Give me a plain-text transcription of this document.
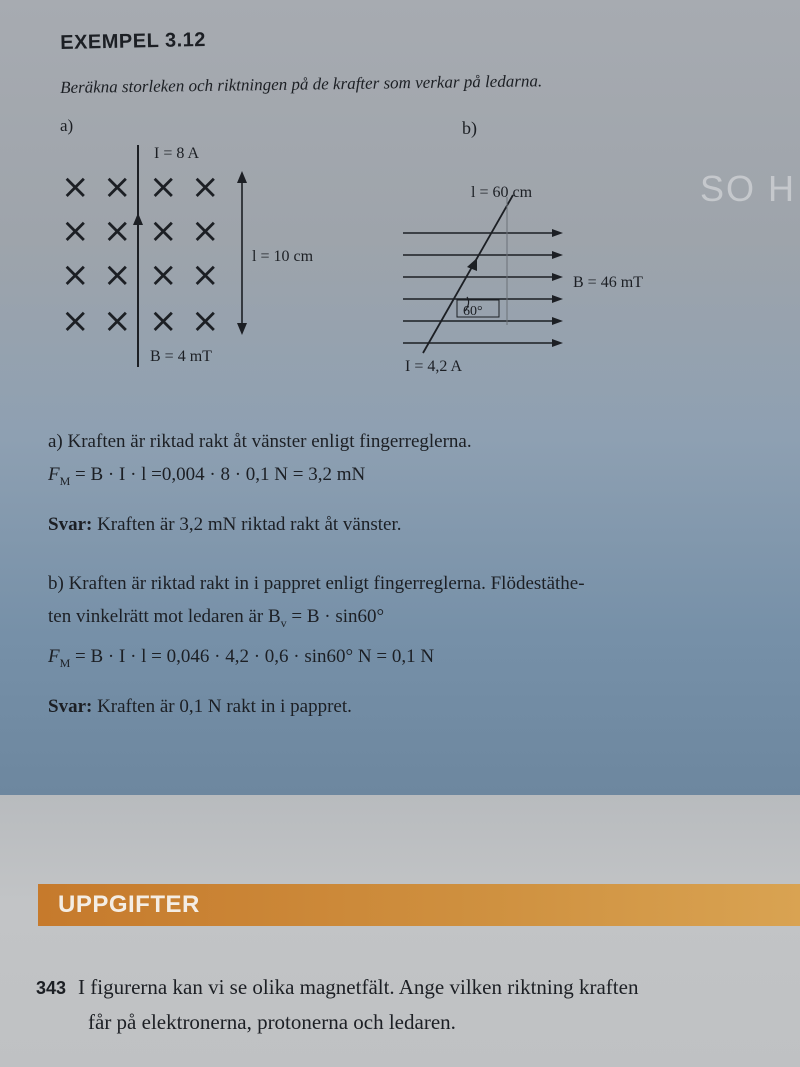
EXEMPEL 3.12
Beräkna storleken och riktningen på de krafter som verkar på ledarna.
a)	b)
SO H
× × × ×
× × × ×
× × × ×
× × × ×
I = 8 A
l = 10 cm
B = 4 mT
60°
l = 60 cm
B = 46 mT
I = 4,2 A
a) Kraften är riktad rakt åt vänster enligt fingerreglerna.
$F_M = B \cdot I \cdot l =0,004 \cdot 8 \cdot 0,1$ N = 3,2 mN
Svar: Kraften är 3,2 mN riktad rakt åt vänster.
b) Kraften är riktad rakt in i pappret enligt fingerreglerna. Flödestäthe-
ten vinkelrätt mot ledaren är $B_v = B \cdot \sin 60^\circ$
$F_M = B \cdot I \cdot l = 0,046 \cdot 4,2 \cdot 0,6 \cdot \sin 60^\circ$ N = 0,1 N
Svar: Kraften är 0,1 N rakt in i pappret.
UPPGIFTER
343 I figurerna kan vi se olika magnetfält. Ange vilken riktning kraften
får på elektronerna, protonerna och ledaren.
